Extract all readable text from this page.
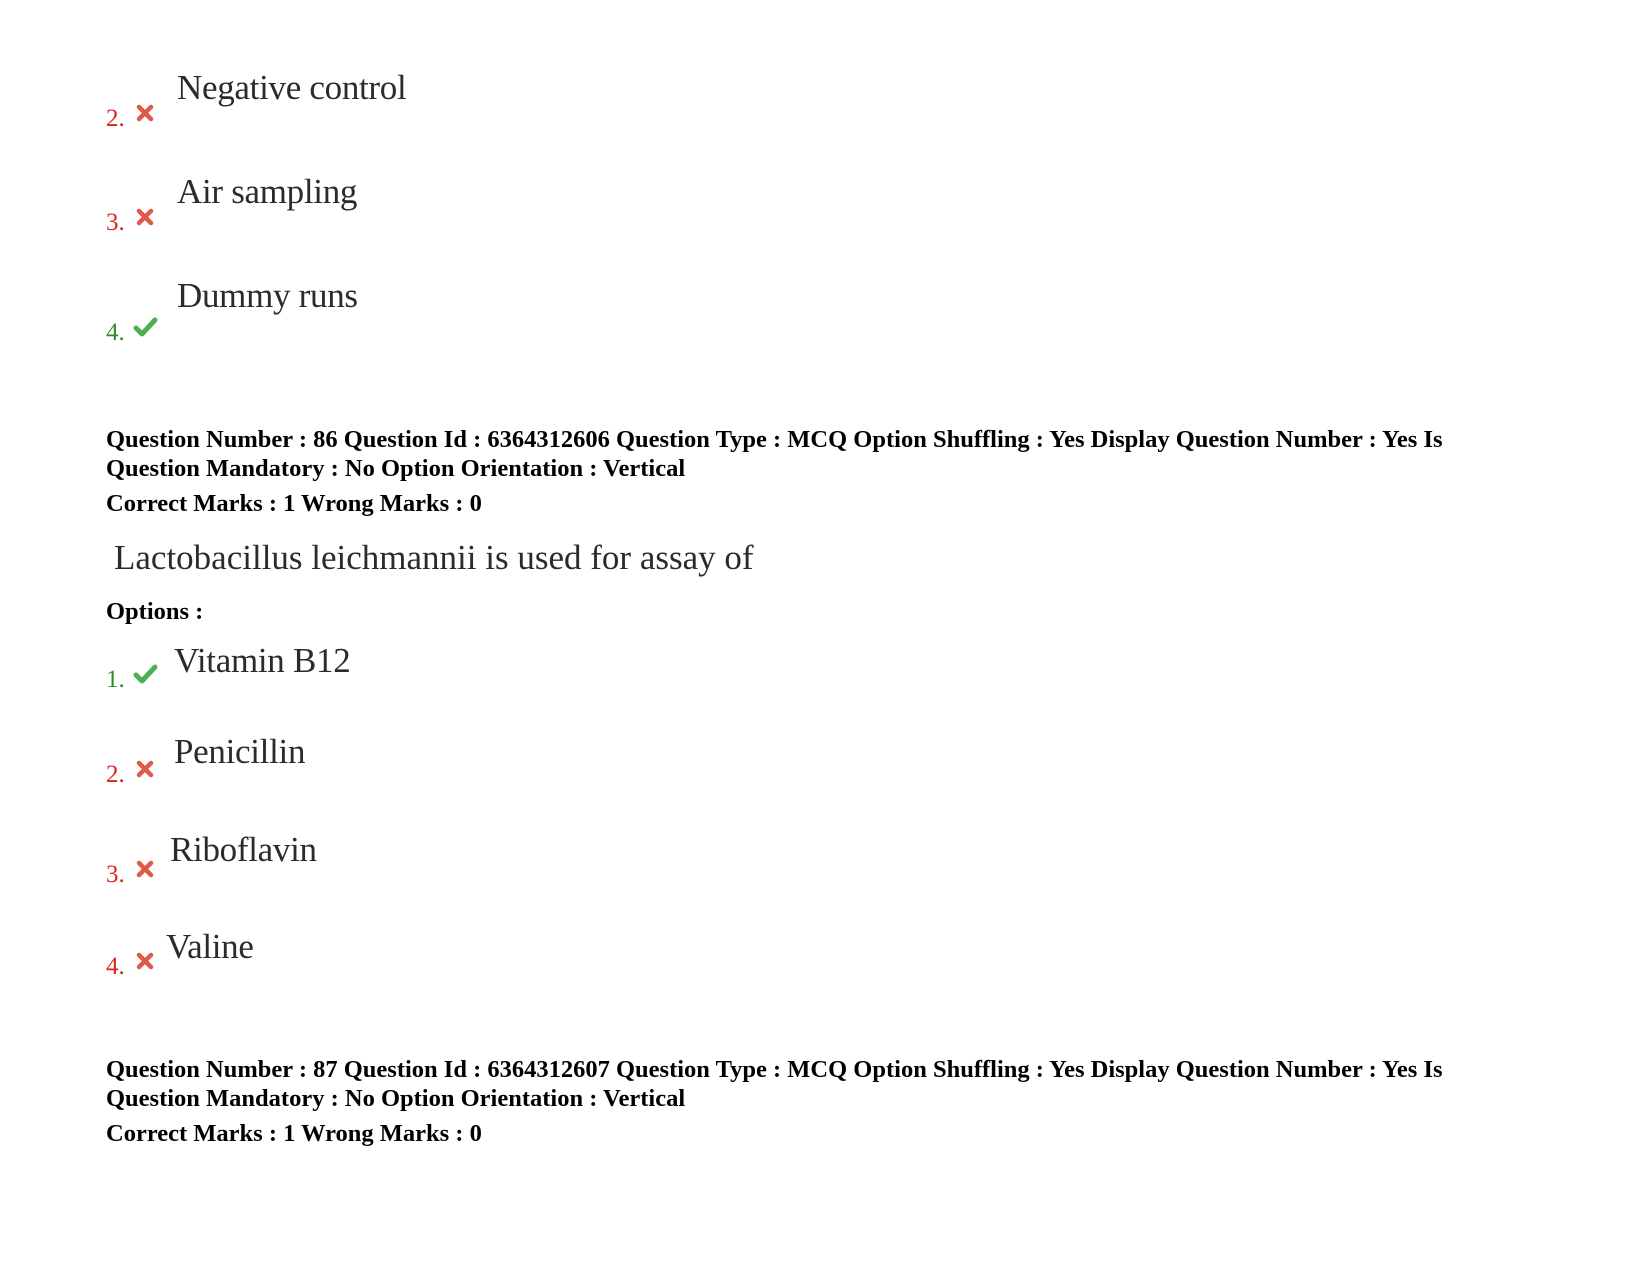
2.
Negative control
3.
Air sampling
4.
Dummy runs
Question Number : 86 Question Id : 6364312606 Question Type : MCQ Option Shuffling : Yes Display Question Number : Yes Is
Question Mandatory : No Option Orientation : Vertical
Correct Marks : 1 Wrong Marks : 0
Lactobacillus leichmannii is used for assay of
Options :
1. Vitamin B12
2.
Penicillin
3.
Riboflavin
4.
Valine
Question Number : 87 Question Id : 6364312607 Question Type : MCQ Option Shuffling : Yes Display Question Number : Yes Is
Question Mandatory : No Option Orientation : Vertical
Correct Marks : 1 Wrong Marks : 0
